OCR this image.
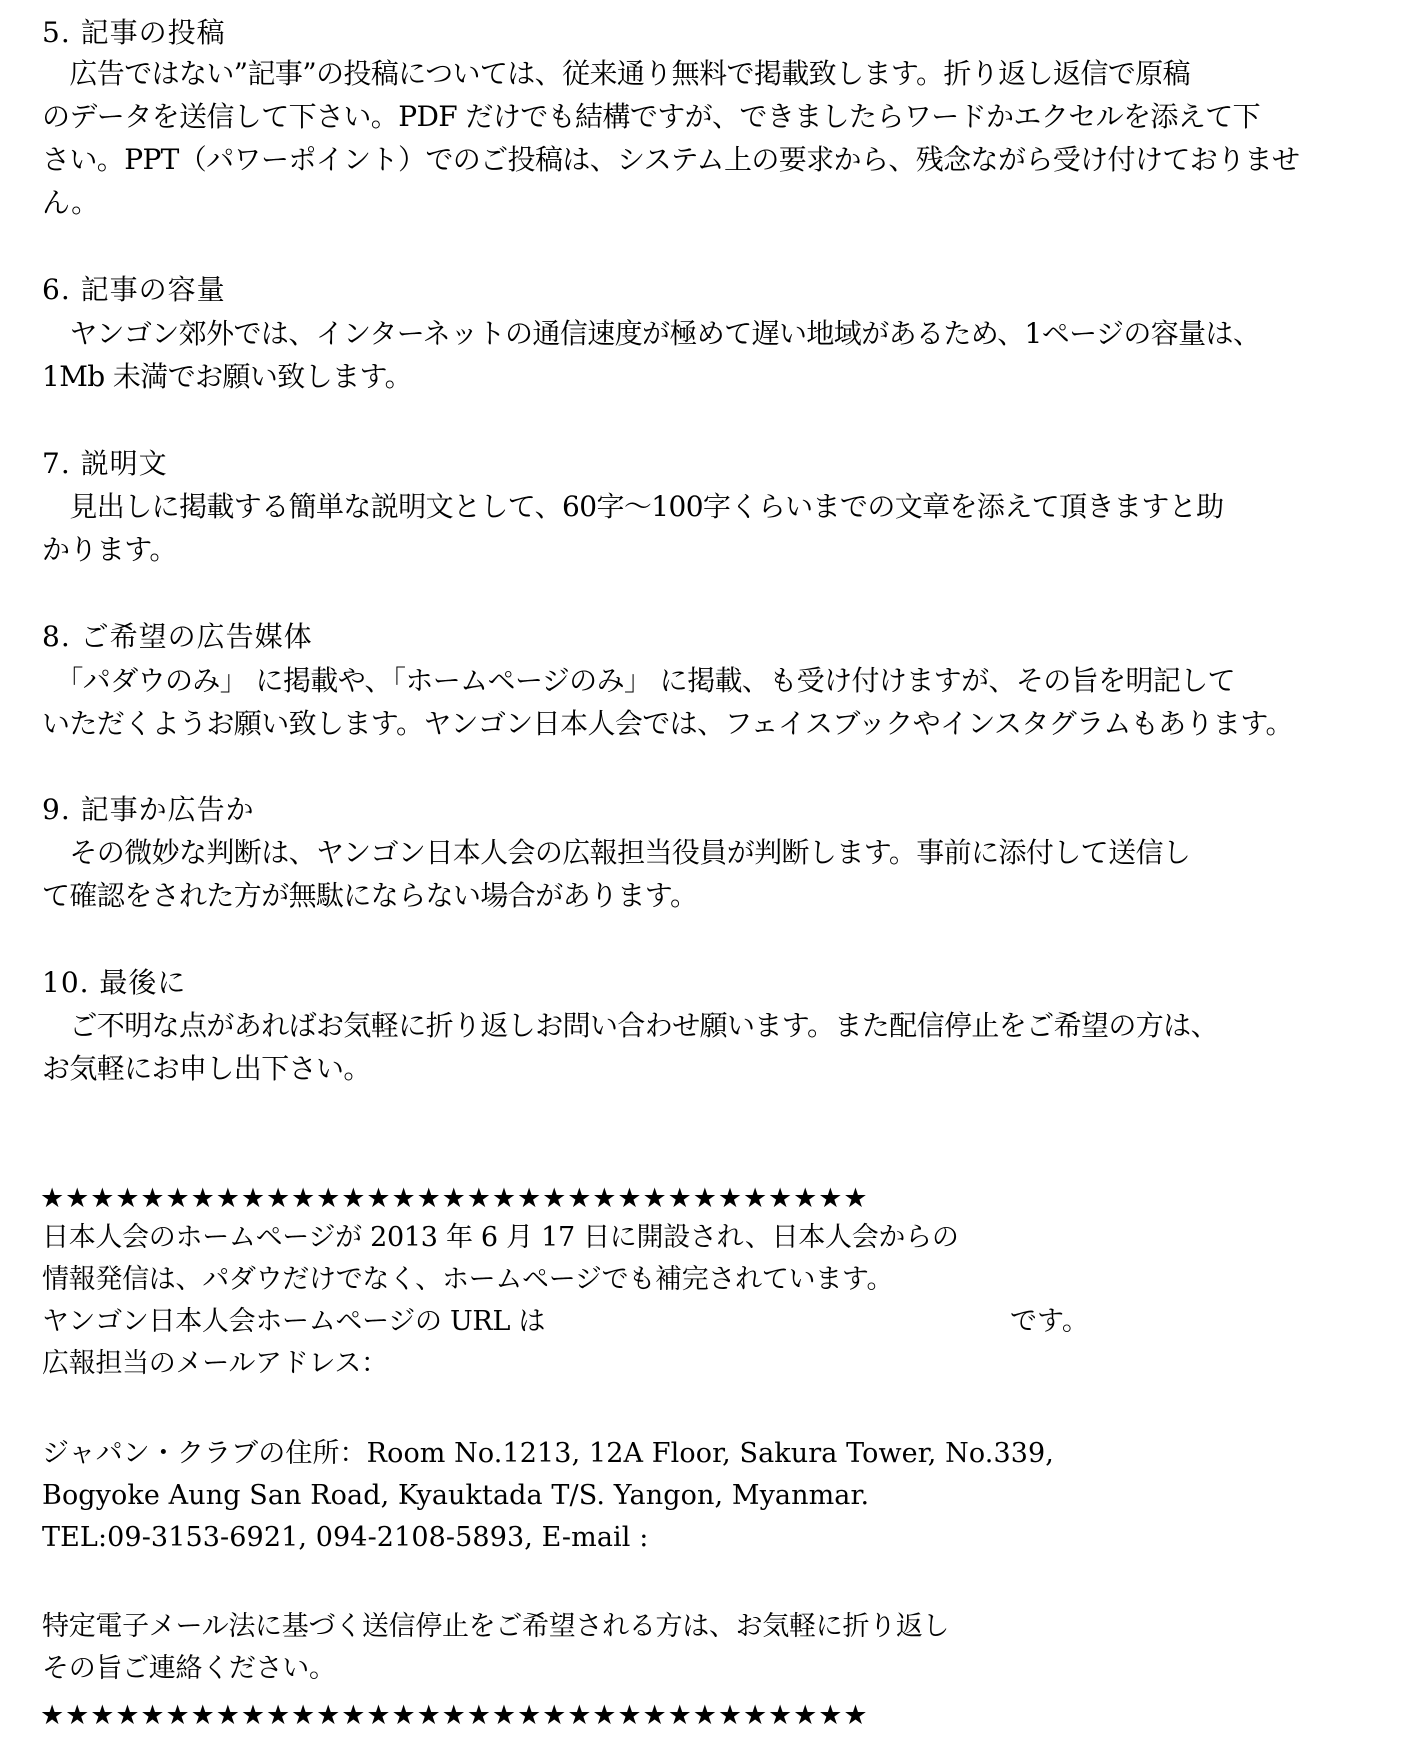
5. 記事の投稿
　広告ではない”記事”の投稿については、従来通り無料で掲載致します。折り返し返信で原稿
のデータを送信して下さい。PDF だけでも結構ですが、できましたらワードかエクセルを添えて下
さい。PPT（パワーポイント）でのご投稿は、システム上の要求から、残念ながら受け付けておりませ
ん。
6. 記事の容量
　ヤンゴン郊外では、インターネットの通信速度が極めて遅い地域があるため、1ページの容量は、
1Mb 未満でお願い致します。
7. 説明文
　見出しに掲載する簡単な説明文として、60字～100字くらいまでの文章を添えて頂きますと助
かります。
8. ご希望の広告媒体
　「パダウのみ」 に掲載や、「ホームページのみ」 に掲載、も受け付けますが、その旨を明記して
いただくようお願い致します。ヤンゴン日本人会では、フェイスブックやインスタグラムもあります。
9. 記事か広告か
　その微妙な判断は、ヤンゴン日本人会の広報担当役員が判断します。事前に添付して送信し
て確認をされた方が無駄にならない場合があります。
10. 最後に
　ご不明な点があればお気軽に折り返しお問い合わせ願います。また配信停止をご希望の方は、
お気軽にお申し出下さい。
★★★★★★★★★★★★★★★★★★★★★★★★★★★★★★★★★
日本人会のホームページが 2013 年 6 月 17 日に開設され、日本人会からの
情報発信は、パダウだけでなく、ホームページでも補完されています。
ヤンゴン日本人会ホームページの URL は	です。
広報担当のメールアドレス：
ジャパン・クラブの住所：Room No.1213, 12A Floor, Sakura Tower, No.339,
Bogyoke Aung San Road, Kyauktada T/S. Yangon, Myanmar.
TEL:09-3153-6921, 094-2108-5893, E-mail :
特定電子メール法に基づく送信停止をご希望される方は、お気軽に折り返し
その旨ご連絡ください。
★★★★★★★★★★★★★★★★★★★★★★★★★★★★★★★★★
